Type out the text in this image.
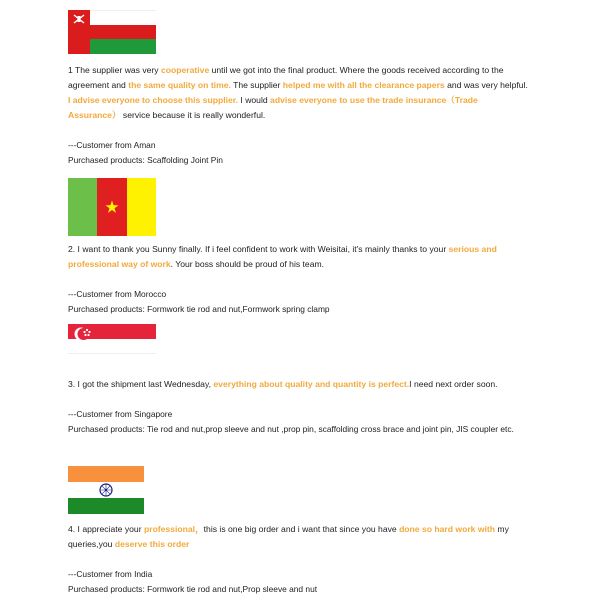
1 The supplier was very cooperative until we got into the final product. Where the goods received according to the agreement and the same quality on time. The supplier helped me with all the clearance papers and was very helpful. I advise everyone to choose this supplier. I would advise everyone to use the trade insurance（Trade Assurance） service because it is really wonderful.

---Customer from Aman

Purchased products: Scaffolding Joint Pin

2. I want to thank you Sunny finally. If i feel confident to work with Weisitai, it's mainly thanks to your serious and professional way of work. Your boss should be proud of his team.

---Customer from Morocco

Purchased products: Formwork tie rod and nut,Formwork spring clamp

3. I got the shipment last Wednesday, everything about quality and quantity is perfect.I need next order soon.

---Customer from Singapore

Purchased products: Tie rod and nut,prop sleeve and nut ,prop pin, scaffolding cross brace and joint pin, JIS coupler etc.

4. I appreciate your professional，this is one big order and i want that since you have done so hard work with my queries,you deserve this order

---Customer from India

Purchased products: Formwork tie rod and nut,Prop sleeve and nut
